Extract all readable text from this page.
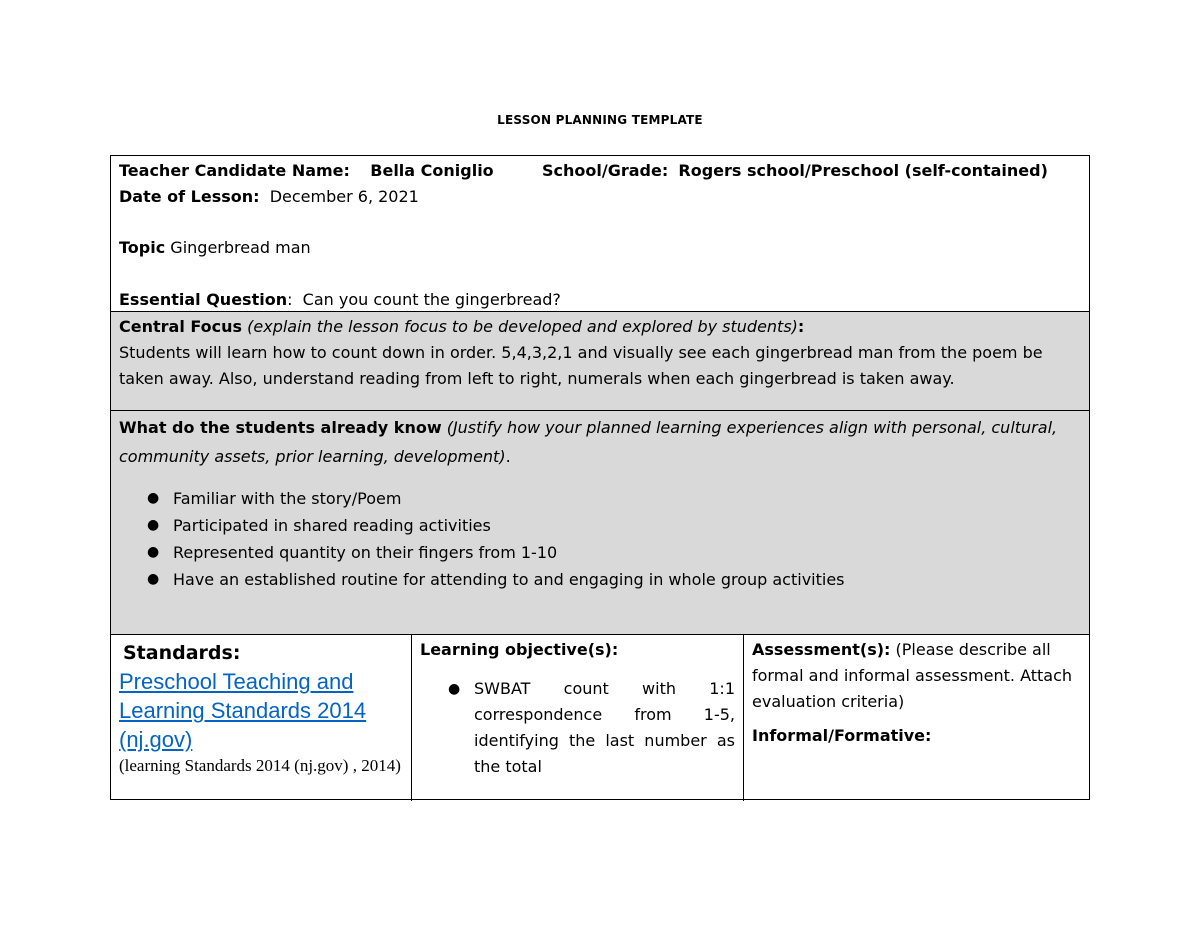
LESSON PLANNING TEMPLATE
Teacher Candidate Name: Bella Coniglio	School/Grade: Rogers school/Preschool (self-contained)
Date of Lesson: December 6, 2021
Topic Gingerbread man
Essential Question:  Can you count the gingerbread?
Central Focus (explain the lesson focus to be developed and explored by students):
Students will learn how to count down in order. 5,4,3,2,1 and visually see each gingerbread man from the poem be taken away. Also, understand reading from left to right, numerals when each gingerbread is taken away.

What do the students already know (Justify how your planned learning experiences align with personal, cultural, community assets, prior learning, development).

● Familiar with the story/Poem
● Participated in shared reading activities
● Represented quantity on their fingers from 1-10
● Have an established routine for attending to and engaging in whole group activities
Standards:
Preschool Teaching and Learning Standards 2014 (nj.gov)
(learning Standards 2014 (nj.gov) , 2014)
Learning objective(s):
● SWBAT count with 1:1 correspondence from 1-5, identifying the last number as the total

Assessment(s): (Please describe all formal and informal assessment. Attach evaluation criteria)

Informal/Formative:
